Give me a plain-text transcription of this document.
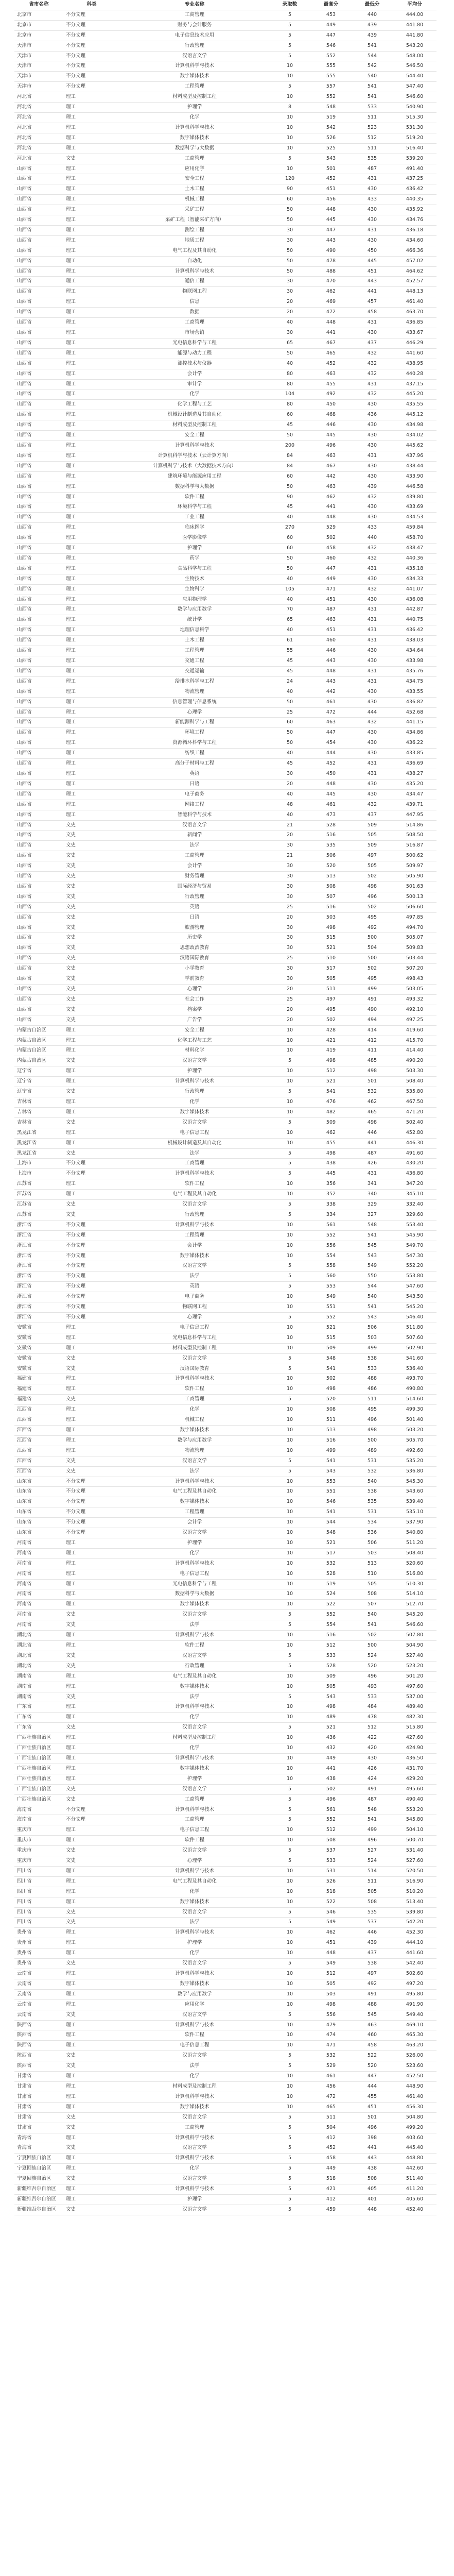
省市名称	科类	专业名称	录取数	最高分	最低分	平均分
北京市	不分文理	工商管理	5	453	440	444.00
北京市	不分文理	财务与会计服务	5	449	439	441.80
北京市	不分文理	电子信息技术应用	5	447	439	441.80
天津市	不分文理	行政管理	5	546	541	543.20
天津市	不分文理	汉语言文学	5	552	544	548.00
天津市	不分文理	计算机科学与技术	10	555	542	546.50
天津市	不分文理	数字媒体技术	10	555	540	544.40
天津市	不分文理	工程管理	5	557	541	547.40
河北省	理工	材料成型及控制工程	10	552	541	546.60
河北省	理工	护理学	8	548	533	540.90
河北省	理工	化学	10	519	511	515.30
河北省	理工	计算机科学与技术	10	542	523	531.30
河北省	理工	数字媒体技术	10	526	512	519.20
河北省	理工	数据科学与大数据	10	525	511	516.40
河北省	文史	工商管理	5	543	535	539.20
山西省	理工	应用化学	10	501	487	491.40
山西省	理工	安全工程	120	452	431	437.25
山西省	理工	土木工程	90	451	430	436.42
山西省	理工	机械工程	60	456	433	440.35
山西省	理工	采矿工程	50	448	430	435.92
山西省	理工	采矿工程（智能采矿方向）	50	445	430	434.76
山西省	理工	测绘工程	30	447	431	436.18
山西省	理工	地质工程	30	443	430	434.60
山西省	理工	电气工程及其自动化	50	490	450	466.36
山西省	理工	自动化	50	478	445	457.02
山西省	理工	计算机科学与技术	50	488	451	464.62
山西省	理工	通信工程	30	470	443	452.57
山西省	理工	物联网工程	30	462	441	448.13
山西省	理工	信息	20	469	457	461.40
山西省	理工	数据	20	472	458	463.70
山西省	理工	工商管理	40	448	431	436.85
山西省	理工	市场营销	30	441	430	433.67
山西省	理工	光电信息科学与工程	65	467	437	446.29
山西省	理工	能源与动力工程	50	465	432	441.60
山西省	理工	测控技术与仪器	40	452	432	438.95
山西省	理工	会计学	80	463	432	440.28
山西省	理工	审计学	80	455	431	437.15
山西省	理工	化学	104	492	432	445.20
山西省	理工	化学工程与工艺	80	450	430	435.55
山西省	理工	机械设计制造及其自动化	60	468	436	445.12
山西省	理工	材料成型及控制工程	45	446	430	434.98
山西省	理工	安全工程	50	445	430	434.02
山西省	理工	计算机科学与技术	200	496	430	445.62
山西省	理工	计算机科学与技术（云计算方向）	84	463	431	437.96
山西省	理工	计算机科学与技术（大数据技术方向）	84	467	430	438.44
山西省	理工	建筑环境与能源应用工程	60	442	430	433.90
山西省	理工	数据科学与大数据	50	463	439	446.58
山西省	理工	软件工程	90	462	432	439.80
山西省	理工	环境科学与工程	45	441	430	433.69
山西省	理工	工业工程	40	448	430	434.53
山西省	理工	临床医学	270	529	433	459.84
山西省	理工	医学影像学	60	502	440	458.70
山西省	理工	护理学	60	458	432	438.47
山西省	理工	药学	50	460	432	440.36
山西省	理工	食品科学与工程	50	447	431	435.18
山西省	理工	生物技术	40	449	430	434.33
山西省	理工	生物科学	105	471	432	441.07
山西省	理工	应用物理学	40	451	430	436.08
山西省	理工	数学与应用数学	70	487	431	442.87
山西省	理工	统计学	65	463	431	440.75
山西省	理工	地理信息科学	40	451	431	436.42
山西省	理工	土木工程	61	460	431	438.03
山西省	理工	工程管理	55	446	430	434.64
山西省	理工	交通工程	45	443	430	433.98
山西省	理工	交通运输	45	448	431	435.76
山西省	理工	给排水科学与工程	24	443	431	434.75
山西省	理工	物流管理	40	442	430	433.55
山西省	理工	信息管理与信息系统	50	461	430	436.82
山西省	理工	心理学	25	472	444	452.68
山西省	理工	新能源科学与工程	60	463	432	441.15
山西省	理工	环境工程	50	447	430	434.86
山西省	理工	资源循环科学与工程	50	454	430	436.22
山西省	理工	纺织工程	40	444	430	433.85
山西省	理工	高分子材料与工程	45	452	431	436.69
山西省	理工	英语	30	450	431	438.27
山西省	理工	日语	20	448	430	435.20
山西省	理工	电子商务	40	445	430	434.47
山西省	理工	网络工程	48	461	432	439.71
山西省	理工	智能科学与技术	40	473	437	447.95
山西省	文史	汉语言文学	21	528	509	514.86
山西省	文史	新闻学	20	516	505	508.50
山西省	文史	法学	30	535	509	516.87
山西省	文史	工商管理	21	506	497	500.62
山西省	文史	会计学	30	520	505	509.97
山西省	文史	财务管理	30	513	502	505.90
山西省	文史	国际经济与贸易	30	508	498	501.63
山西省	文史	行政管理	30	507	496	500.13
山西省	文史	英语	25	516	502	506.60
山西省	文史	日语	20	503	495	497.85
山西省	文史	旅游管理	30	498	492	494.70
山西省	文史	历史学	30	515	500	505.07
山西省	文史	思想政治教育	30	521	504	509.83
山西省	文史	汉语国际教育	25	510	500	503.44
山西省	文史	小学教育	30	517	502	507.20
山西省	文史	学前教育	30	505	495	498.43
山西省	文史	心理学	20	511	499	503.05
山西省	文史	社会工作	25	497	491	493.32
山西省	文史	档案学	20	495	490	492.10
山西省	文史	广告学	20	502	494	497.25
内蒙古自治区	理工	安全工程	10	428	414	419.60
内蒙古自治区	理工	化学工程与工艺	10	421	412	415.70
内蒙古自治区	理工	材料化学	10	419	411	414.40
内蒙古自治区	文史	汉语言文学	5	498	485	490.20
辽宁省	理工	护理学	10	512	498	503.30
辽宁省	理工	计算机科学与技术	10	521	501	508.40
辽宁省	文史	行政管理	5	541	532	535.80
吉林省	理工	化学	10	476	462	467.50
吉林省	理工	数字媒体技术	10	482	465	471.20
吉林省	文史	汉语言文学	5	509	498	502.40
黑龙江省	理工	电子信息工程	10	462	446	452.80
黑龙江省	理工	机械设计制造及其自动化	10	455	441	446.30
黑龙江省	文史	法学	5	498	487	491.60
上海市	不分文理	工商管理	5	438	426	430.20
上海市	不分文理	计算机科学与技术	5	445	431	436.80
江苏省	理工	软件工程	10	356	341	347.20
江苏省	理工	电气工程及其自动化	10	352	340	345.10
江苏省	文史	汉语言文学	5	338	329	332.40
江苏省	文史	行政管理	5	334	327	329.60
浙江省	不分文理	计算机科学与技术	10	561	548	553.40
浙江省	不分文理	工程管理	10	552	541	545.90
浙江省	不分文理	会计学	10	556	545	549.70
浙江省	不分文理	数字媒体技术	10	554	543	547.30
浙江省	不分文理	汉语言文学	5	558	549	552.20
浙江省	不分文理	法学	5	560	550	553.80
浙江省	不分文理	英语	5	553	544	547.60
浙江省	不分文理	电子商务	10	549	540	543.50
浙江省	不分文理	物联网工程	10	551	541	545.20
浙江省	不分文理	心理学	5	552	543	546.40
安徽省	理工	电子信息工程	10	521	506	511.80
安徽省	理工	光电信息科学与工程	10	515	503	507.60
安徽省	理工	材料成型及控制工程	10	509	499	502.90
安徽省	文史	汉语言文学	5	548	538	541.60
安徽省	文史	汉语国际教育	5	541	533	536.40
福建省	理工	计算机科学与技术	10	502	488	493.70
福建省	理工	软件工程	10	498	486	490.80
福建省	文史	工商管理	5	520	511	514.60
江西省	理工	化学	10	508	495	499.30
江西省	理工	机械工程	10	511	496	501.40
江西省	理工	数字媒体技术	10	513	498	503.20
江西省	理工	数学与应用数学	10	516	500	505.70
江西省	理工	物流管理	10	499	489	492.60
江西省	文史	汉语言文学	5	541	531	535.20
江西省	文史	法学	5	543	532	536.80
山东省	不分文理	计算机科学与技术	10	553	540	545.30
山东省	不分文理	电气工程及其自动化	10	551	538	543.60
山东省	不分文理	数字媒体技术	10	546	535	539.40
山东省	不分文理	工程管理	10	541	531	535.10
山东省	不分文理	会计学	10	544	534	537.90
山东省	不分文理	汉语言文学	10	548	536	540.80
河南省	理工	护理学	10	521	506	511.20
河南省	理工	化学	10	517	503	508.40
河南省	理工	计算机科学与技术	10	532	513	520.60
河南省	理工	电子信息工程	10	528	510	516.80
河南省	理工	光电信息科学与工程	10	519	505	510.30
河南省	理工	数据科学与大数据	10	524	508	514.10
河南省	理工	数字媒体技术	10	522	507	512.70
河南省	文史	汉语言文学	5	552	540	545.20
河南省	文史	法学	5	554	541	546.60
湖北省	理工	计算机科学与技术	10	516	502	507.80
湖北省	理工	软件工程	10	512	500	504.90
湖北省	文史	汉语言文学	5	533	524	527.40
湖北省	文史	行政管理	5	528	520	523.20
湖南省	理工	电气工程及其自动化	10	509	496	501.20
湖南省	理工	数字媒体技术	10	505	493	497.60
湖南省	文史	法学	5	543	533	537.00
广东省	理工	计算机科学与技术	10	498	484	489.40
广东省	理工	化学	10	489	478	482.30
广东省	文史	汉语言文学	5	521	512	515.80
广西壮族自治区	理工	材料成型及控制工程	10	436	422	427.60
广西壮族自治区	理工	化学	10	432	420	424.90
广西壮族自治区	理工	计算机科学与技术	10	449	430	436.50
广西壮族自治区	理工	数字媒体技术	10	441	426	431.70
广西壮族自治区	理工	护理学	10	438	424	429.20
广西壮族自治区	文史	汉语言文学	5	502	491	495.60
广西壮族自治区	文史	工商管理	5	496	487	490.40
海南省	不分文理	计算机科学与技术	5	561	548	553.20
海南省	不分文理	工商管理	5	552	541	545.80
重庆市	理工	电子信息工程	10	512	499	504.10
重庆市	理工	软件工程	10	508	496	500.70
重庆市	文史	汉语言文学	5	537	527	531.40
重庆市	文史	心理学	5	533	524	527.60
四川省	理工	计算机科学与技术	10	531	514	520.50
四川省	理工	电气工程及其自动化	10	526	511	516.90
四川省	理工	化学	10	518	505	510.20
四川省	理工	数字媒体技术	10	522	508	513.40
四川省	文史	汉语言文学	5	546	535	539.80
四川省	文史	法学	5	549	537	542.20
贵州省	理工	计算机科学与技术	10	462	446	452.30
贵州省	理工	护理学	10	451	439	444.10
贵州省	理工	化学	10	448	437	441.60
贵州省	文史	汉语言文学	5	549	538	542.40
云南省	理工	计算机科学与技术	10	512	497	502.60
云南省	理工	数字媒体技术	10	505	492	497.20
云南省	理工	数学与应用数学	10	503	491	495.80
云南省	理工	应用化学	10	498	488	491.90
云南省	文史	汉语言文学	5	556	545	549.40
陕西省	理工	计算机科学与技术	10	479	463	469.10
陕西省	理工	软件工程	10	474	460	465.30
陕西省	理工	电子信息工程	10	471	458	463.20
陕西省	文史	汉语言文学	5	532	522	526.00
陕西省	文史	法学	5	529	520	523.60
甘肃省	理工	化学	10	461	447	452.50
甘肃省	理工	材料成型及控制工程	10	456	444	448.90
甘肃省	理工	计算机科学与技术	10	472	455	461.40
甘肃省	理工	数字媒体技术	10	465	451	456.30
甘肃省	文史	汉语言文学	5	511	501	504.80
甘肃省	文史	工商管理	5	504	496	499.20
青海省	理工	计算机科学与技术	5	412	398	403.60
青海省	文史	汉语言文学	5	452	441	445.40
宁夏回族自治区	理工	计算机科学与技术	5	458	443	448.80
宁夏回族自治区	理工	化学	5	449	438	442.60
宁夏回族自治区	文史	汉语言文学	5	518	508	511.40
新疆维吾尔自治区	理工	计算机科学与技术	5	421	405	411.20
新疆维吾尔自治区	理工	护理学	5	412	401	405.60
新疆维吾尔自治区	文史	汉语言文学	5	459	448	452.40
